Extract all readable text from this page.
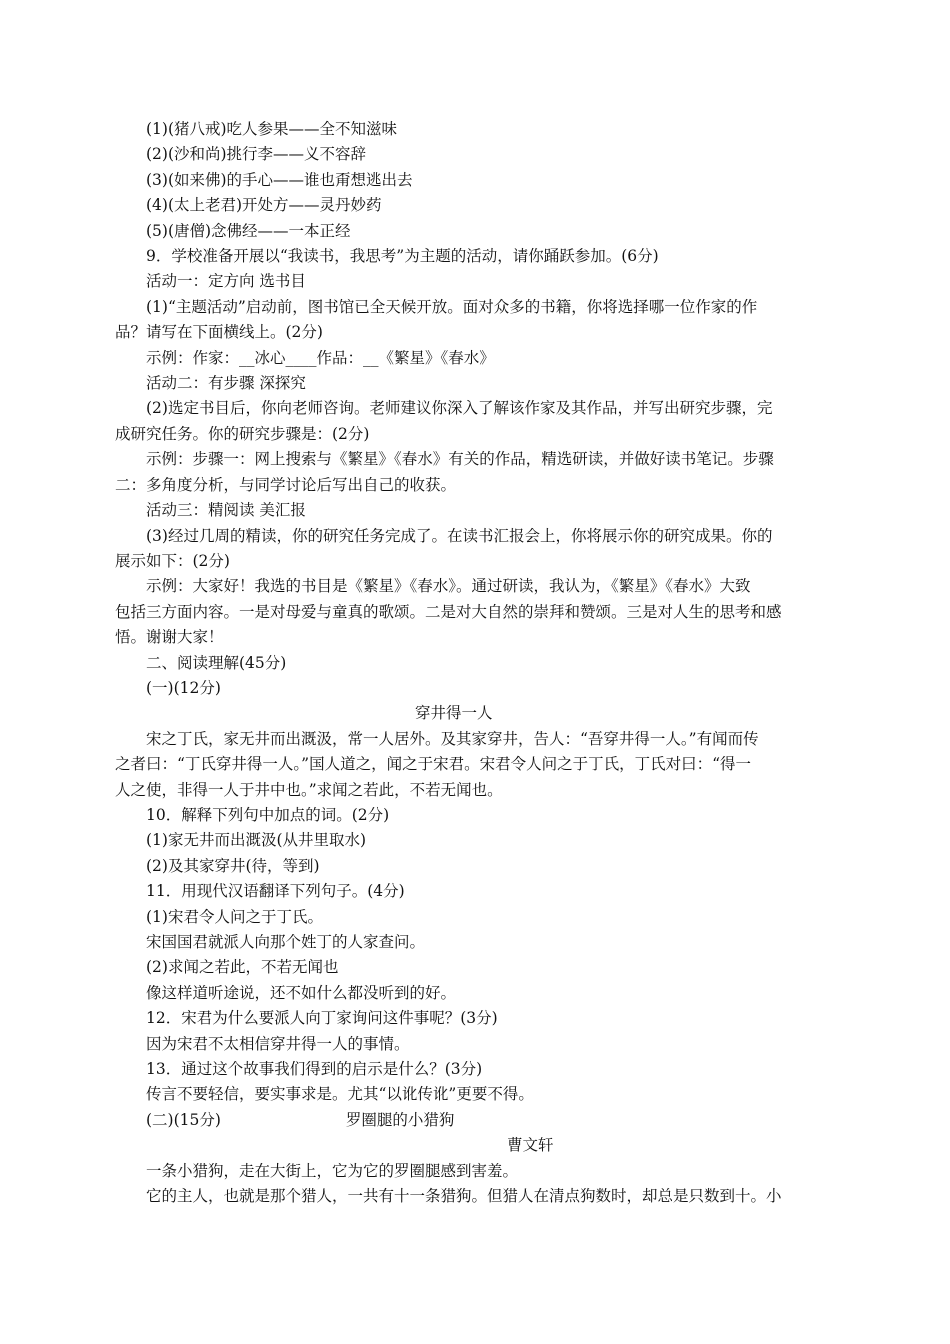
(1)(猪八戒)吃人参果——全不知滋味
(2)(沙和尚)挑行李——义不容辞
(3)(如来佛)的手心——谁也甭想逃出去
(4)(太上老君)开处方——灵丹妙药
(5)(唐僧)念佛经——一本正经
9．学校准备开展以“我读书，我思考”为主题的活动，请你踊跃参加。(6分)
活动一：定方向 选书目
(1)“主题活动”启动前，图书馆已全天候开放。面对众多的书籍，你将选择哪一位作家的作
品？请写在下面横线上。(2分)
示例：作家：__冰心____作品：__《繁星》《春水》
活动二：有步骤 深探究
(2)选定书目后，你向老师咨询。老师建议你深入了解该作家及其作品，并写出研究步骤，完
成研究任务。你的研究步骤是：(2分)
示例：步骤一：网上搜索与《繁星》《春水》有关的作品，精选研读，并做好读书笔记。步骤
二：多角度分析，与同学讨论后写出自己的收获。
活动三：精阅读 美汇报
(3)经过几周的精读，你的研究任务完成了。在读书汇报会上，你将展示你的研究成果。你的
展示如下：(2分)
示例：大家好！我选的书目是《繁星》《春水》。通过研读，我认为，《繁星》《春水》大致
包括三方面内容。一是对母爱与童真的歌颂。二是对大自然的崇拜和赞颂。三是对人生的思考和感
悟。谢谢大家！
二、阅读理解(45分)
(一)(12分)
穿井得一人
宋之丁氏，家无井而出溉汲，常一人居外。及其家穿井，告人：“吾穿井得一人。”有闻而传
之者曰：“丁氏穿井得一人。”国人道之，闻之于宋君。宋君令人问之于丁氏，丁氏对曰：“得一
人之使，非得一人于井中也。”求闻之若此，不若无闻也。
10．解释下列句中加点的词。(2分)
(1)家无井而出溉汲(从井里取水)
(2)及其家穿井(待，等到)
11．用现代汉语翻译下列句子。(4分)
(1)宋君令人问之于丁氏。
宋国国君就派人向那个姓丁的人家查问。
(2)求闻之若此，不若无闻也
像这样道听途说，还不如什么都没听到的好。
12．宋君为什么要派人向丁家询问这件事呢？(3分)
因为宋君不太相信穿井得一人的事情。
13．通过这个故事我们得到的启示是什么？(3分)
传言不要轻信，要实事求是。尤其“以讹传讹”更要不得。
(二)(15分)	罗圈腿的小猎狗
曹文轩
一条小猎狗，走在大街上，它为它的罗圈腿感到害羞。
它的主人，也就是那个猎人，一共有十一条猎狗。但猎人在清点狗数时，却总是只数到十。小
